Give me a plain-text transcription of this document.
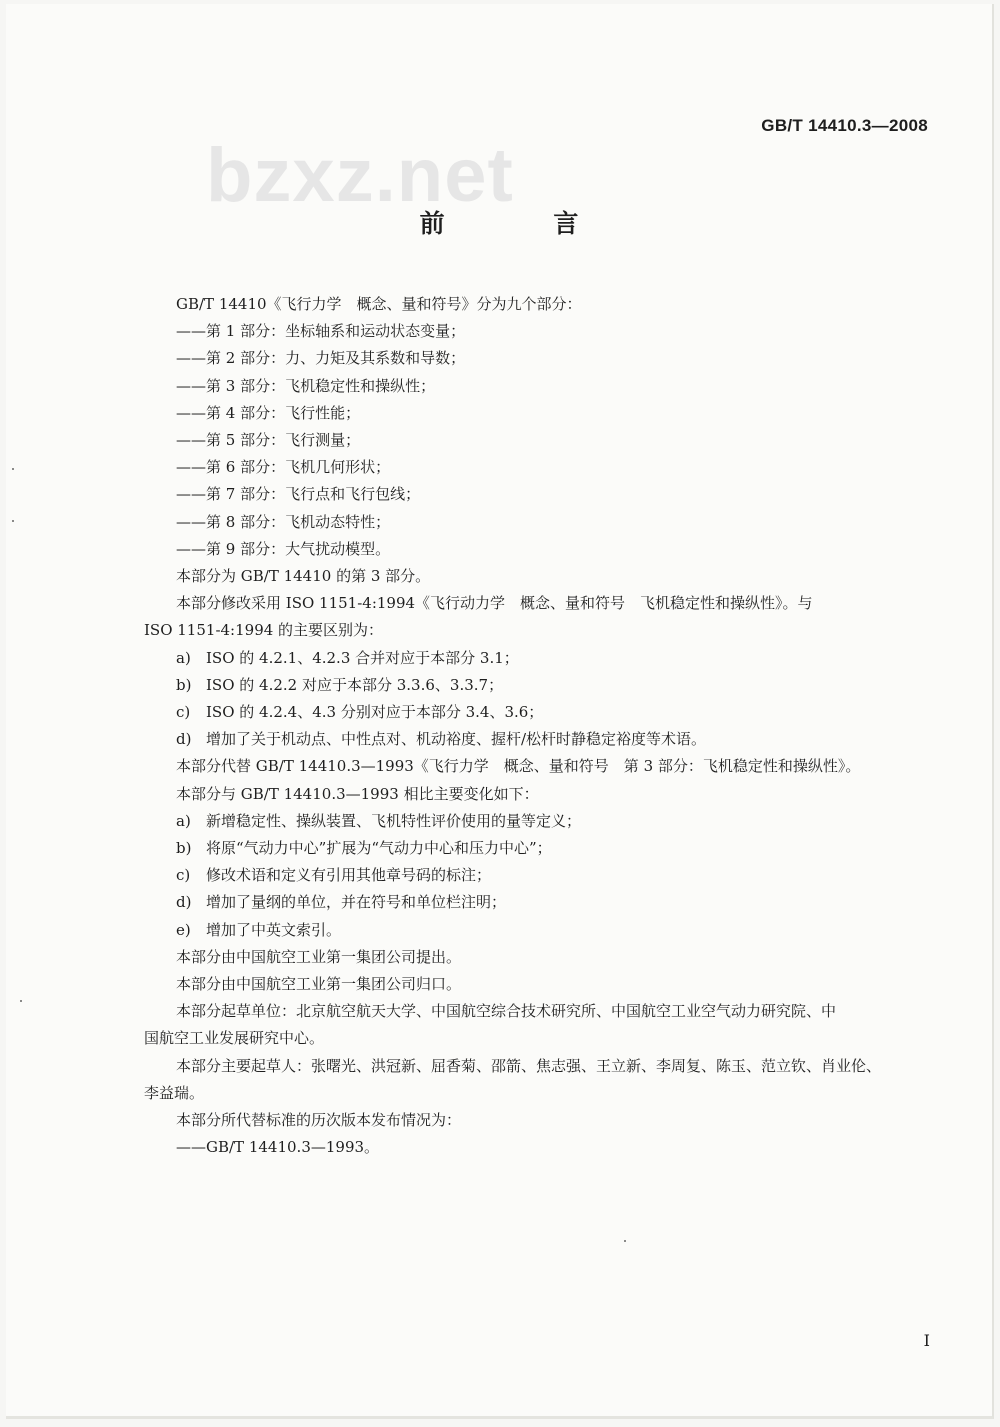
bzxz.net
GB/T 14410.3—2008
前 言

GB/T 14410《飞行力学　概念、量和符号》分为九个部分：

——第 1 部分：坐标轴系和运动状态变量；

——第 2 部分：力、力矩及其系数和导数；

——第 3 部分：飞机稳定性和操纵性；

——第 4 部分：飞行性能；

——第 5 部分：飞行测量；

——第 6 部分：飞机几何形状；

——第 7 部分：飞行点和飞行包线；

——第 8 部分：飞机动态特性；

——第 9 部分：大气扰动模型。

本部分为 GB/T 14410 的第 3 部分。

本部分修改采用 ISO 1151-4:1994《飞行动力学　概念、量和符号　飞机稳定性和操纵性》。与

ISO 1151-4:1994 的主要区别为：

a) ISO 的 4.2.1、4.2.3 合并对应于本部分 3.1；

b) ISO 的 4.2.2 对应于本部分 3.3.6、3.3.7；

c) ISO 的 4.2.4、4.3 分别对应于本部分 3.4、3.6；

d) 增加了关于机动点、中性点对、机动裕度、握杆/松杆时静稳定裕度等术语。

本部分代替 GB/T 14410.3—1993《飞行力学　概念、量和符号　第 3 部分：飞机稳定性和操纵性》。

本部分与 GB/T 14410.3—1993 相比主要变化如下：

a) 新增稳定性、操纵装置、飞机特性评价使用的量等定义；

b) 将原“气动力中心”扩展为“气动力中心和压力中心”；

c) 修改术语和定义有引用其他章号码的标注；

d) 增加了量纲的单位，并在符号和单位栏注明；

e) 增加了中英文索引。

本部分由中国航空工业第一集团公司提出。

本部分由中国航空工业第一集团公司归口。

本部分起草单位：北京航空航天大学、中国航空综合技术研究所、中国航空工业空气动力研究院、中

国航空工业发展研究中心。

本部分主要起草人：张曙光、洪冠新、屈香菊、邵箭、焦志强、王立新、李周复、陈玉、范立钦、肖业伦、

李益瑞。

本部分所代替标准的历次版本发布情况为：

——GB/T 14410.3—1993。

I
